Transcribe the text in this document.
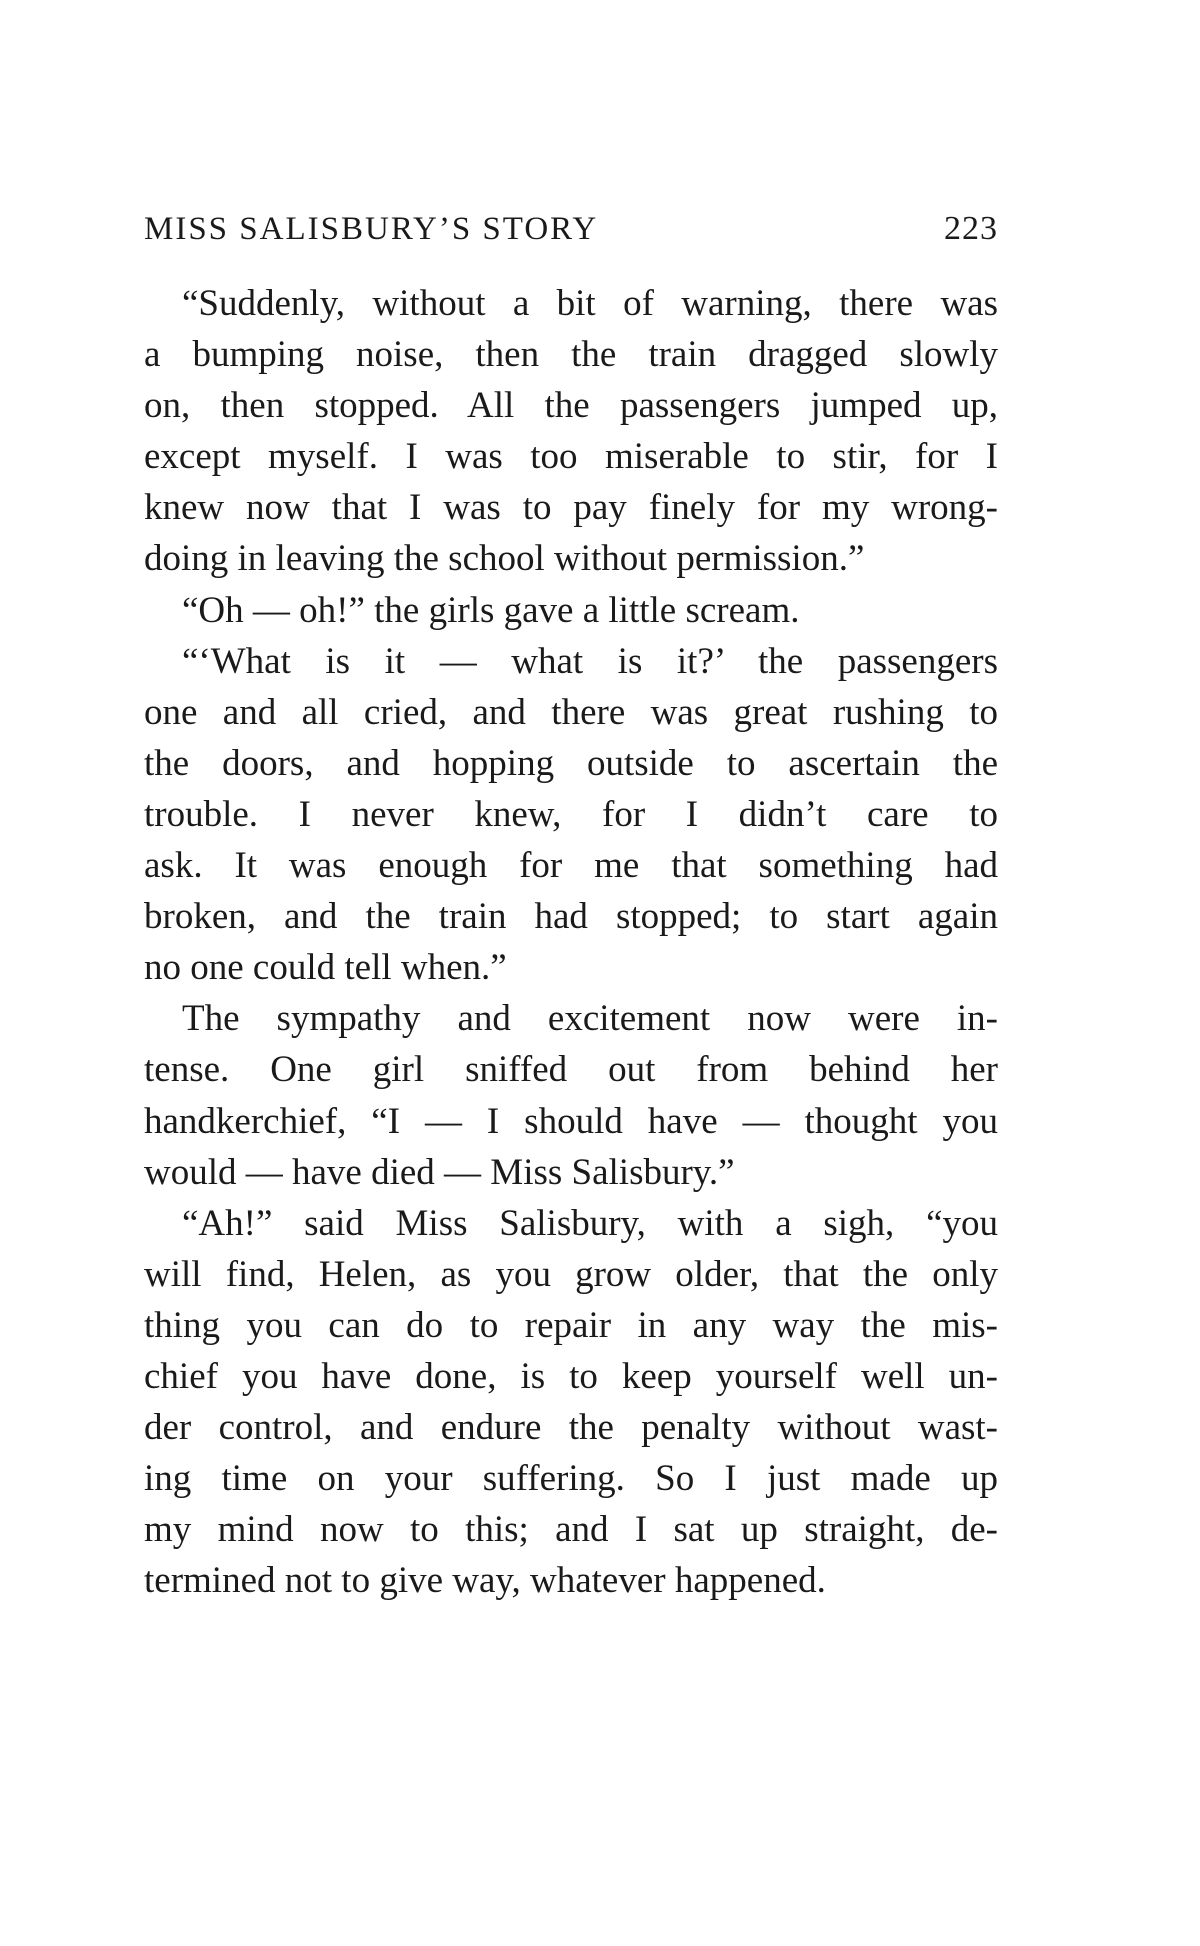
MISS SALISBURY’S STORY	223
“Suddenly, without a bit of warning, there was
a bumping noise, then the train dragged slowly
on, then stopped. All the passengers jumped up,
except myself. I was too miserable to stir, for I
knew now that I was to pay finely for my wrong-
doing in leaving the school without permission.”
“Oh — oh!” the girls gave a little scream.
“‘What is it — what is it?’ the passengers
one and all cried, and there was great rushing to
the doors, and hopping outside to ascertain the
trouble. I never knew, for I didn’t care to
ask. It was enough for me that something had
broken, and the train had stopped; to start again
no one could tell when.”
The sympathy and excitement now were in-
tense. One girl sniffed out from behind her
handkerchief, “I — I should have — thought you
would — have died — Miss Salisbury.”
“Ah!” said Miss Salisbury, with a sigh, “you
will find, Helen, as you grow older, that the only
thing you can do to repair in any way the mis-
chief you have done, is to keep yourself well un-
der control, and endure the penalty without wast-
ing time on your suffering. So I just made up
my mind now to this; and I sat up straight, de-
termined not to give way, whatever happened.
